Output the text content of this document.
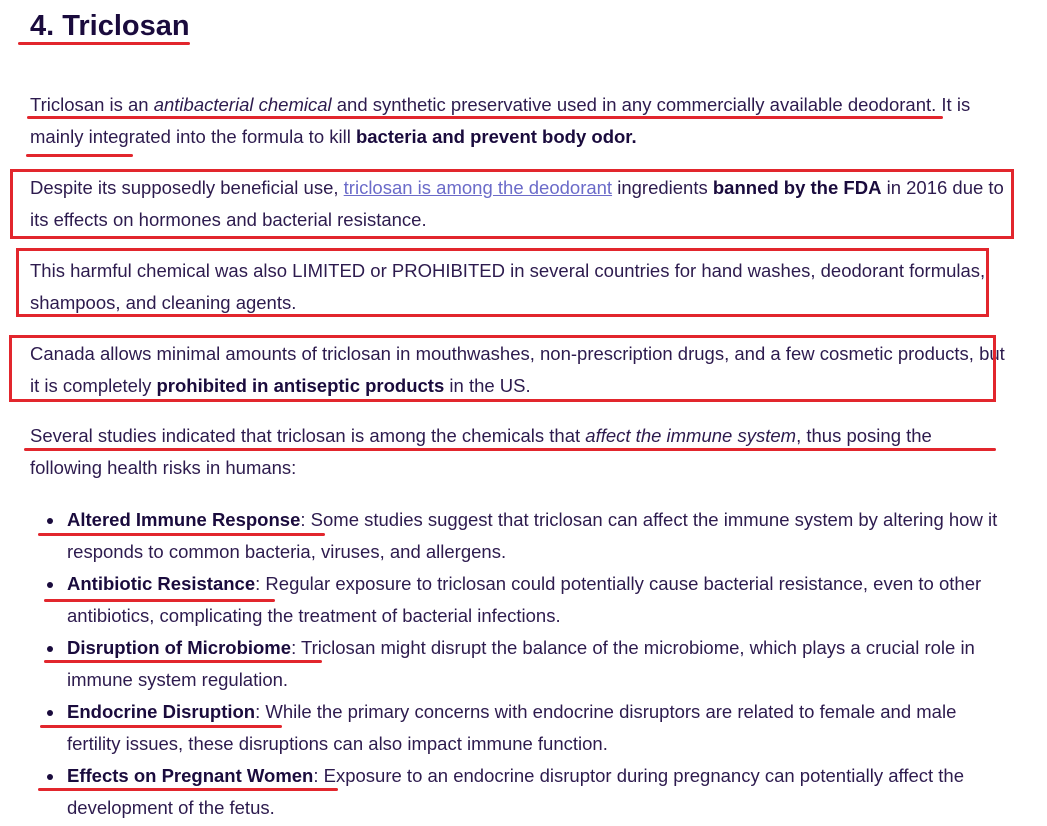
4. Triclosan

Triclosan is an antibacterial chemical and synthetic preservative used in any commercially available deodorant. It is mainly integrated into the formula to kill bacteria and prevent body odor.

Despite its supposedly beneficial use, triclosan is among the deodorant ingredients banned by the FDA in 2016 due to its effects on hormones and bacterial resistance.

This harmful chemical was also LIMITED or PROHIBITED in several countries for hand washes, deodorant formulas, shampoos, and cleaning agents.

Canada allows minimal amounts of triclosan in mouthwashes, non-prescription drugs, and a few cosmetic products, but it is completely prohibited in antiseptic products in the US.

Several studies indicated that triclosan is among the chemicals that affect the immune system, thus posing the following health risks in humans:

Altered Immune Response: Some studies suggest that triclosan can affect the immune system by altering how it responds to common bacteria, viruses, and allergens.
Antibiotic Resistance: Regular exposure to triclosan could potentially cause bacterial resistance, even to other antibiotics, complicating the treatment of bacterial infections.
Disruption of Microbiome: Triclosan might disrupt the balance of the microbiome, which plays a crucial role in immune system regulation.
Endocrine Disruption: While the primary concerns with endocrine disruptors are related to female and male fertility issues, these disruptions can also impact immune function.
Effects on Pregnant Women: Exposure to an endocrine disruptor during pregnancy can potentially affect the development of the fetus.
